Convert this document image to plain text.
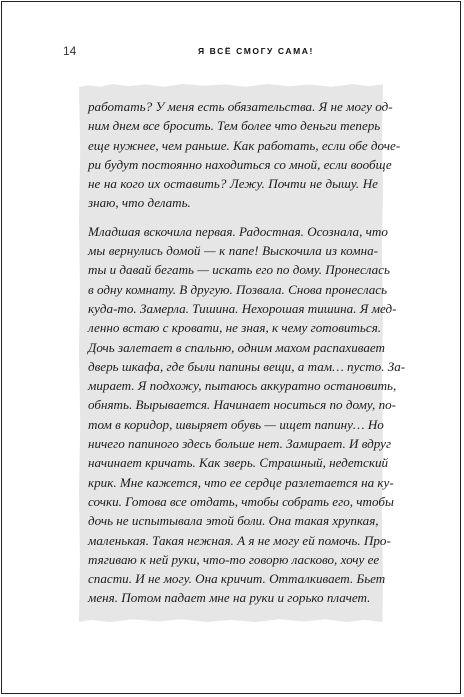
14	Я ВСЁ СМОГУ САМА!
работать? У меня есть обязательства. Я не могу од-
ним днем все бросить. Тем более что деньги теперь
еще нужнее, чем раньше. Как работать, если обе доче-
ри будут постоянно находиться со мной, если вообще
не на кого их оставить? Лежу. Почти не дышу. Не
знаю, что делать.
Младшая вскочила первая. Радостная. Осознала, что
мы вернулись домой — к папе! Выскочила из комна-
ты и давай бегать — искать его по дому. Пронеслась
в одну комнату. В другую. Позвала. Снова пронеслась
куда-то. Замерла. Тишина. Нехорошая тишина. Я мед-
ленно встаю с кровати, не зная, к чему готовиться.
Дочь залетает в спальню, одним махом распахивает
дверь шкафа, где были папины вещи, а там… пусто. За-
мирает. Я подхожу, пытаюсь аккуратно остановить,
обнять. Вырывается. Начинает носиться по дому, по-
том в коридор, швыряет обувь — ищет папину… Но
ничего папиного здесь больше нет. Замирает. И вдруг
начинает кричать. Как зверь. Страшный, недетский
крик. Мне кажется, что ее сердце разлетается на ку-
сочки. Готова все отдать, чтобы собрать его, чтобы
дочь не испытывала этой боли. Она такая хрупкая,
маленькая. Такая нежная. А я не могу ей помочь. Про-
тягиваю к ней руки, что-то говорю ласково, хочу ее
спасти. И не могу. Она кричит. Отталкивает. Бьет
меня. Потом падает мне на руки и горько плачет.
